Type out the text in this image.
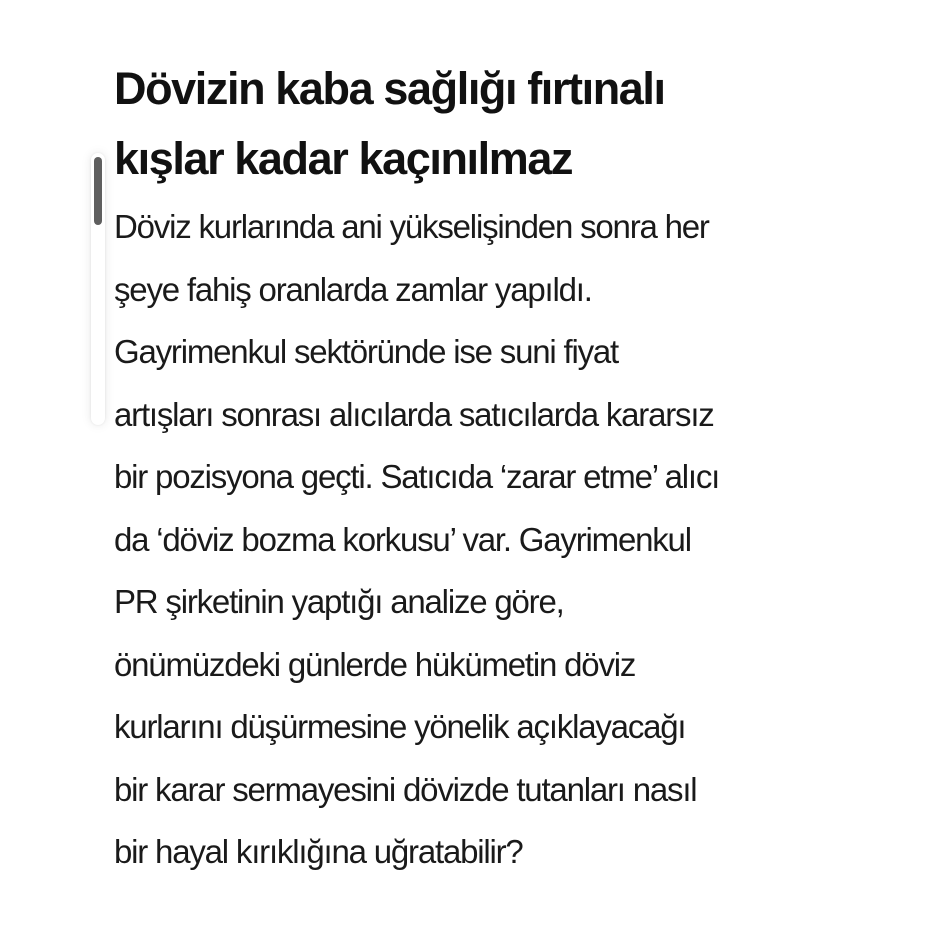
Dövizin kaba sağlığı fırtınalı
kışlar kadar kaçınılmaz

Döviz kurlarında ani yükselişinden sonra her
şeye fahiş oranlarda zamlar yapıldı.
Gayrimenkul sektöründe ise suni fiyat
artışları sonrası alıcılarda satıcılarda kararsız
bir pozisyona geçti. Satıcıda ‘zarar etme’ alıcı
da ‘döviz bozma korkusu’ var. Gayrimenkul
PR şirketinin yaptığı analize göre,
önümüzdeki günlerde hükümetin döviz
kurlarını düşürmesine yönelik açıklayacağı
bir karar sermayesini dövizde tutanları nasıl
bir hayal kırıklığına uğratabilir?
